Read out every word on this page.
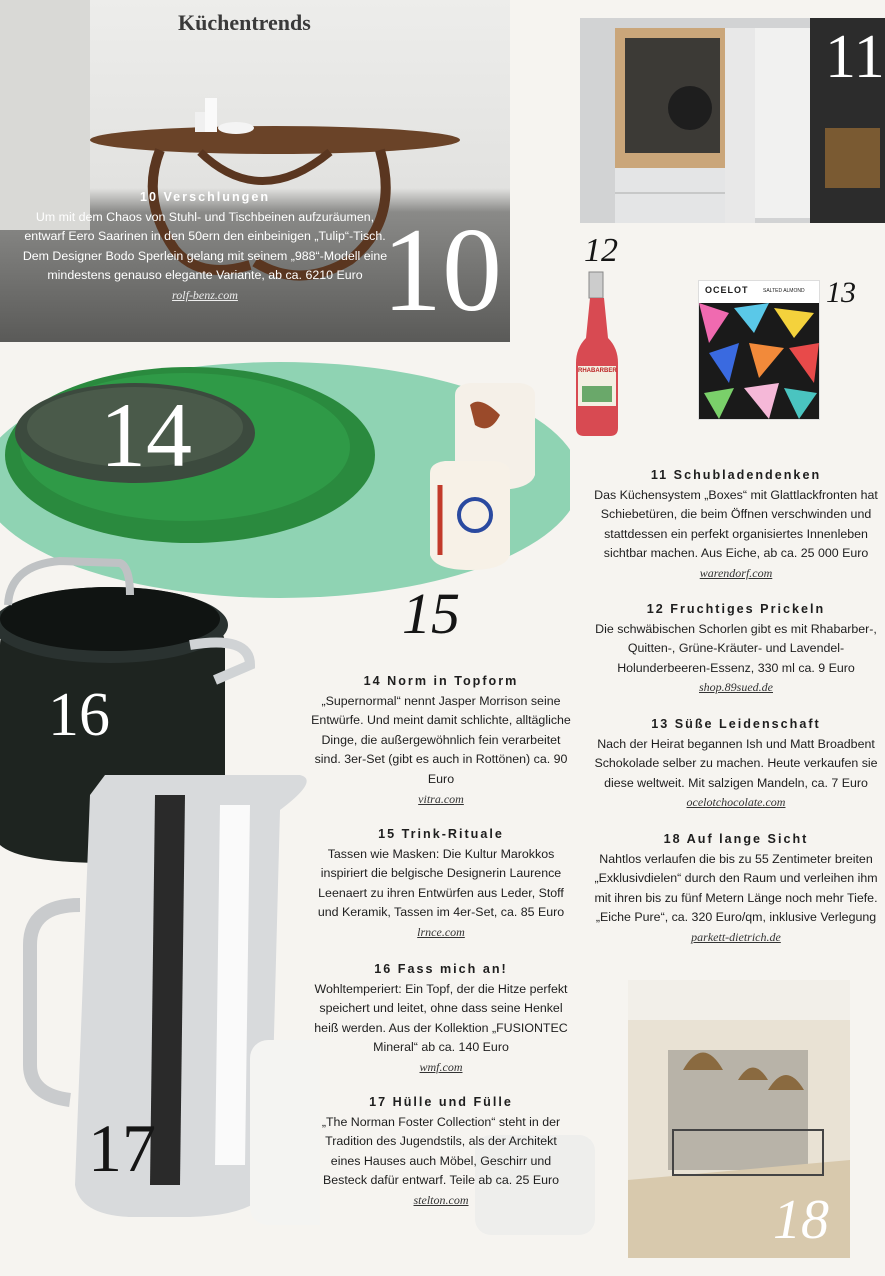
Küchentrends
10 Verschlungen
Um mit dem Chaos von Stuhl- und Tischbeinen aufzuräumen, entwarf Eero Saarinen in den 50ern den einbeinigen „Tulip“-Tisch. Dem Designer Bodo Sperlein gelang mit seinem „988“-Modell eine mindestens genauso elegante Variante, ab ca. 6210 Euro
rolf-benz.com	10
11
12
RHABARBER
OCELOT	SALTED ALMOND 13
14
15
16
17
18
11 Schubladendenken
Das Küchensystem „Boxes“ mit Glattlackfronten hat Schiebetüren, die beim Öffnen verschwinden und stattdessen ein perfekt organisiertes Innenleben sichtbar machen. Aus Eiche, ab ca. 25 000 Euro
warendorf.com
12 Fruchtiges Prickeln
Die schwäbischen Schorlen gibt es mit Rhabarber-, Quitten-, Grüne-Kräuter- und Lavendel-Holunderbeeren-Essenz, 330 ml ca. 9 Euro
shop.89sued.de
13 Süße Leidenschaft
Nach der Heirat begannen Ish und Matt Broadbent Schokolade selber zu machen. Heute verkaufen sie diese weltweit. Mit salzigen Mandeln, ca. 7 Euro
ocelotchocolate.com
18 Auf lange Sicht
Nahtlos verlaufen die bis zu 55 Zentimeter breiten „Exklusivdielen“ durch den Raum und verleihen ihm mit ihren bis zu fünf Metern Länge noch mehr Tiefe. „Eiche Pure“, ca. 320 Euro/qm, inklusive Verlegung
parkett-dietrich.de
14 Norm in Topform
„Supernormal“ nennt Jasper Morrison seine Entwürfe. Und meint damit schlichte, alltägliche Dinge, die außergewöhnlich fein verarbeitet sind. 3er-Set (gibt es auch in Rottönen) ca. 90 Euro
vitra.com
15 Trink-Rituale
Tassen wie Masken: Die Kultur Marokkos inspiriert die belgische Designerin Laurence Leenaert zu ihren Entwürfen aus Leder, Stoff und Keramik, Tassen im 4er-Set, ca. 85 Euro
lrnce.com
16 Fass mich an!
Wohltemperiert: Ein Topf, der die Hitze perfekt speichert und leitet, ohne dass seine Henkel heiß werden. Aus der Kollektion „FUSIONTEC Mineral“ ab ca. 140 Euro
wmf.com
17 Hülle und Fülle
„The Norman Foster Collection“ steht in der Tradition des Jugendstils, als der Architekt eines Hauses auch Möbel, Geschirr und Besteck dafür entwarf. Teile ab ca. 25 Euro
stelton.com
